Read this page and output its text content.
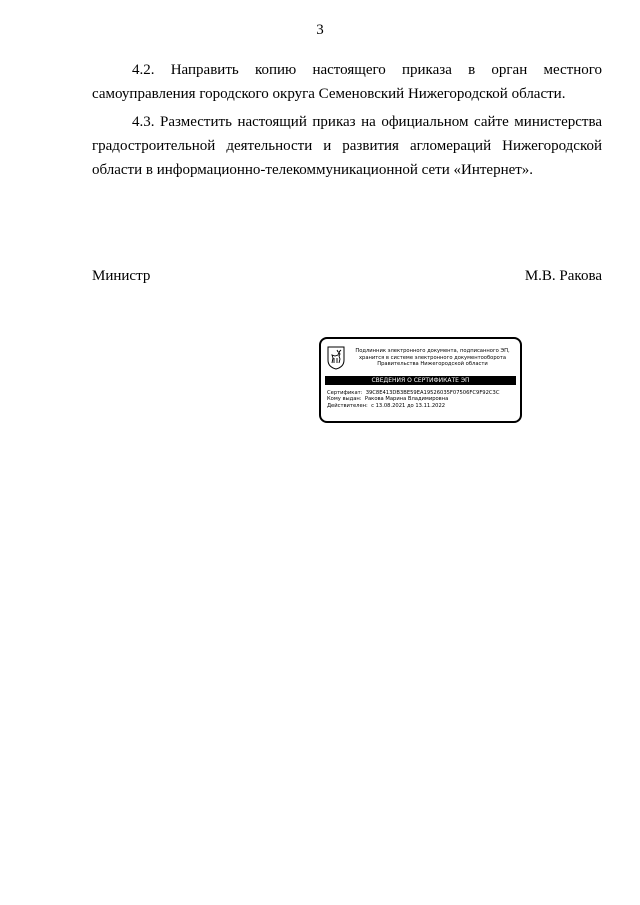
3

4.2. Направить копию настоящего приказа в орган местного самоуправления городского округа Семеновский Нижегородской области.

4.3. Разместить настоящий приказ на официальном сайте министерства градостроительной деятельности и развития агломераций Нижегородской области в информационно-телекоммуникационной сети «Интернет».

Министр	М.В. Ракова
Подлинник электронного документа, подписанного ЭП,
хранится в системе электронного документооборота
Правительства Нижегородской области
СВЕДЕНИЯ О СЕРТИФИКАТЕ ЭП
Сертификат: 39C8E413DB3BE59EA19526035F07506FC9F92C3C
Кому выдан: Ракова Марина Владимировна
Действителен: с 13.08.2021 до 13.11.2022
